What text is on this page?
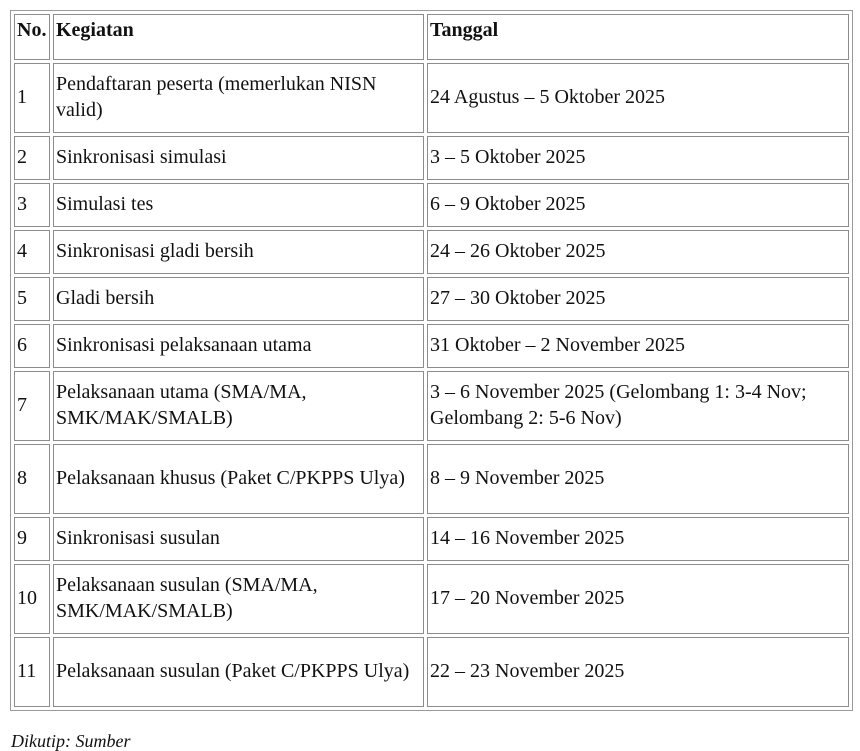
No.	Kegiatan	Tanggal
1	Pendaftaran peserta (memerlukan NISN valid)	24 Agustus – 5 Oktober 2025
2	Sinkronisasi simulasi	3 – 5 Oktober 2025
3	Simulasi tes	6 – 9 Oktober 2025
4	Sinkronisasi gladi bersih	24 – 26 Oktober 2025
5	Gladi bersih	27 – 30 Oktober 2025
6	Sinkronisasi pelaksanaan utama	31 Oktober – 2 November 2025
7	Pelaksanaan utama (SMA/MA, SMK/MAK/SMALB)	3 – 6 November 2025 (Gelombang 1: 3-4 Nov; Gelombang 2: 5-6 Nov)
8	Pelaksanaan khusus (Paket C/PKPPS Ulya)	8 – 9 November 2025
9	Sinkronisasi susulan	14 – 16 November 2025
10	Pelaksanaan susulan (SMA/MA, SMK/MAK/SMALB)	17 – 20 November 2025
11	Pelaksanaan susulan (Paket C/PKPPS Ulya)	22 – 23 November 2025
Dikutip: Sumber
